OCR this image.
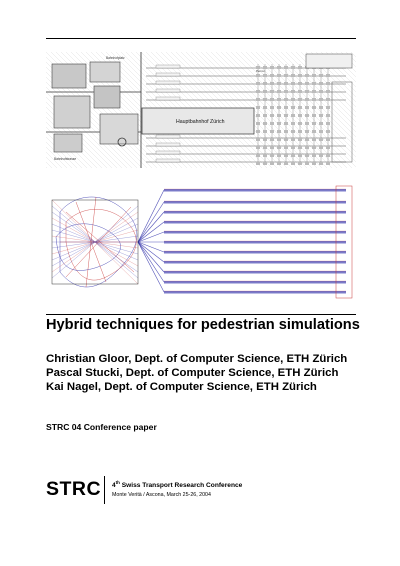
Hauptbahnhof Zürich
Bahnhofplatz
Bahnhofstrasse
Perron
Hybrid techniques for pedestrian simulations
Christian Gloor, Dept. of Computer Science, ETH Zürich
Pascal Stucki, Dept. of Computer Science, ETH Zürich
Kai Nagel, Dept. of Computer Science, ETH Zürich
STRC 04 Conference paper
STRC 4th Swiss Transport Research Conference
Monte Verità / Ascona, March 25-26, 2004
